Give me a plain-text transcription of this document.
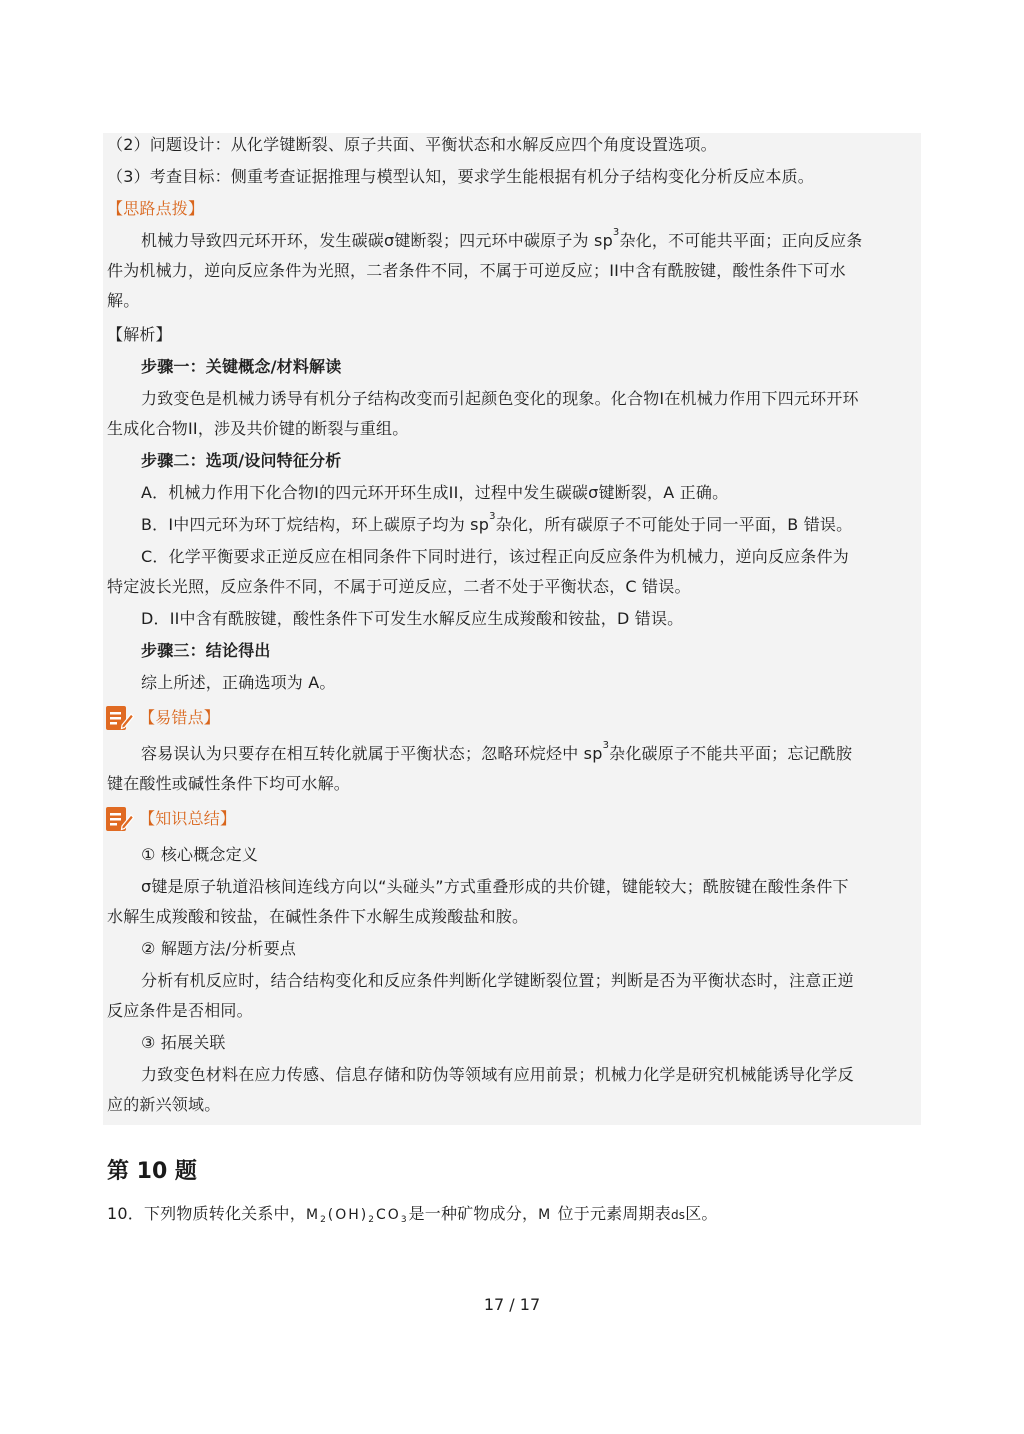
（2）问题设计：从化学键断裂、原子共面、平衡状态和水解反应四个角度设置选项。
（3）考查目标：侧重考查证据推理与模型认知，要求学生能根据有机分子结构变化分析反应本质。
【思路点拨】
机械力导致四元环开环，发生碳碳σ键断裂；四元环中碳原子为 $sp^3$杂化，不可能共平面；正向反应条
件为机械力，逆向反应条件为光照，二者条件不同，不属于可逆反应；II中含有酰胺键，酸性条件下可水
解。
【解析】
步骤一：关键概念/材料解读
力致变色是机械力诱导有机分子结构改变而引起颜色变化的现象。化合物I在机械力作用下四元环开环
生成化合物II，涉及共价键的断裂与重组。
步骤二：选项/设问特征分析
A．机械力作用下化合物I的四元环开环生成II，过程中发生碳碳σ键断裂，A 正确。
B．I中四元环为环丁烷结构，环上碳原子均为 $sp^3$杂化，所有碳原子不可能处于同一平面，B 错误。
C．化学平衡要求正逆反应在相同条件下同时进行，该过程正向反应条件为机械力，逆向反应条件为
特定波长光照，反应条件不同，不属于可逆反应，二者不处于平衡状态，C 错误。
D．II中含有酰胺键，酸性条件下可发生水解反应生成羧酸和铵盐，D 错误。
步骤三：结论得出
综上所述，正确选项为 A。
【易错点】
容易误认为只要存在相互转化就属于平衡状态；忽略环烷烃中 $sp^3$杂化碳原子不能共平面；忘记酰胺
键在酸性或碱性条件下均可水解。
【知识总结】
① 核心概念定义
σ键是原子轨道沿核间连线方向以“头碰头”方式重叠形成的共价键，键能较大；酰胺键在酸性条件下
水解生成羧酸和铵盐，在碱性条件下水解生成羧酸盐和胺。
② 解题方法/分析要点
分析有机反应时，结合结构变化和反应条件判断化学键断裂位置；判断是否为平衡状态时，注意正逆
反应条件是否相同。
③ 拓展关联
力致变色材料在应力传感、信息存储和防伪等领域有应用前景；机械力化学是研究机械能诱导化学反
应的新兴领域。
第 10 题
10．下列物质转化关系中，$M_2(OH)_2CO_3$是一种矿物成分，M 位于元素周期表ds区。
17 / 17
